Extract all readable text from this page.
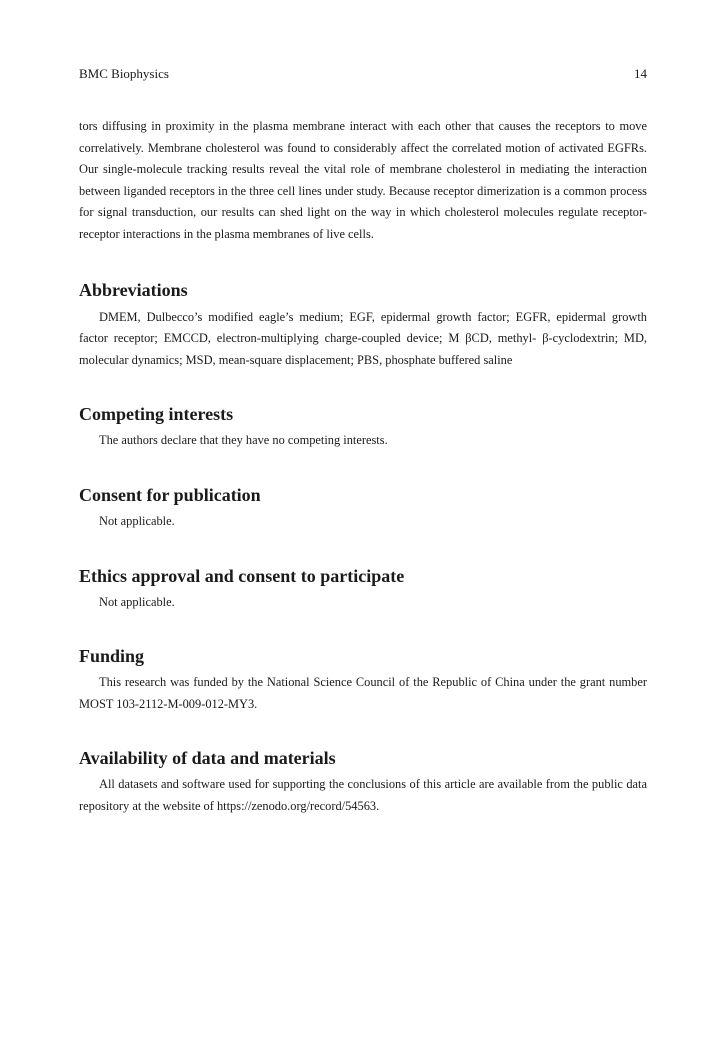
BMC Biophysics	14

tors diffusing in proximity in the plasma membrane interact with each other that causes the receptors to move correlatively. Membrane cholesterol was found to considerably affect the correlated motion of activated EGFRs. Our single-molecule tracking results reveal the vital role of membrane cholesterol in mediating the interaction between liganded receptors in the three cell lines under study. Because receptor dimerization is a common process for signal transduction, our results can shed light on the way in which cholesterol molecules regulate receptor-receptor interactions in the plasma membranes of live cells.

Abbreviations

DMEM, Dulbecco’s modified eagle’s medium; EGF, epidermal growth factor; EGFR, epidermal growth factor receptor; EMCCD, electron-multiplying charge-coupled device; M βCD, methyl- β-cyclodextrin; MD, molecular dynamics; MSD, mean-square displacement; PBS, phosphate buffered saline

Competing interests

The authors declare that they have no competing interests.

Consent for publication

Not applicable.

Ethics approval and consent to participate

Not applicable.

Funding

This research was funded by the National Science Council of the Republic of China under the grant number MOST 103-2112-M-009-012-MY3.

Availability of data and materials

All datasets and software used for supporting the conclusions of this article are available from the public data repository at the website of https://zenodo.org/record/54563.
